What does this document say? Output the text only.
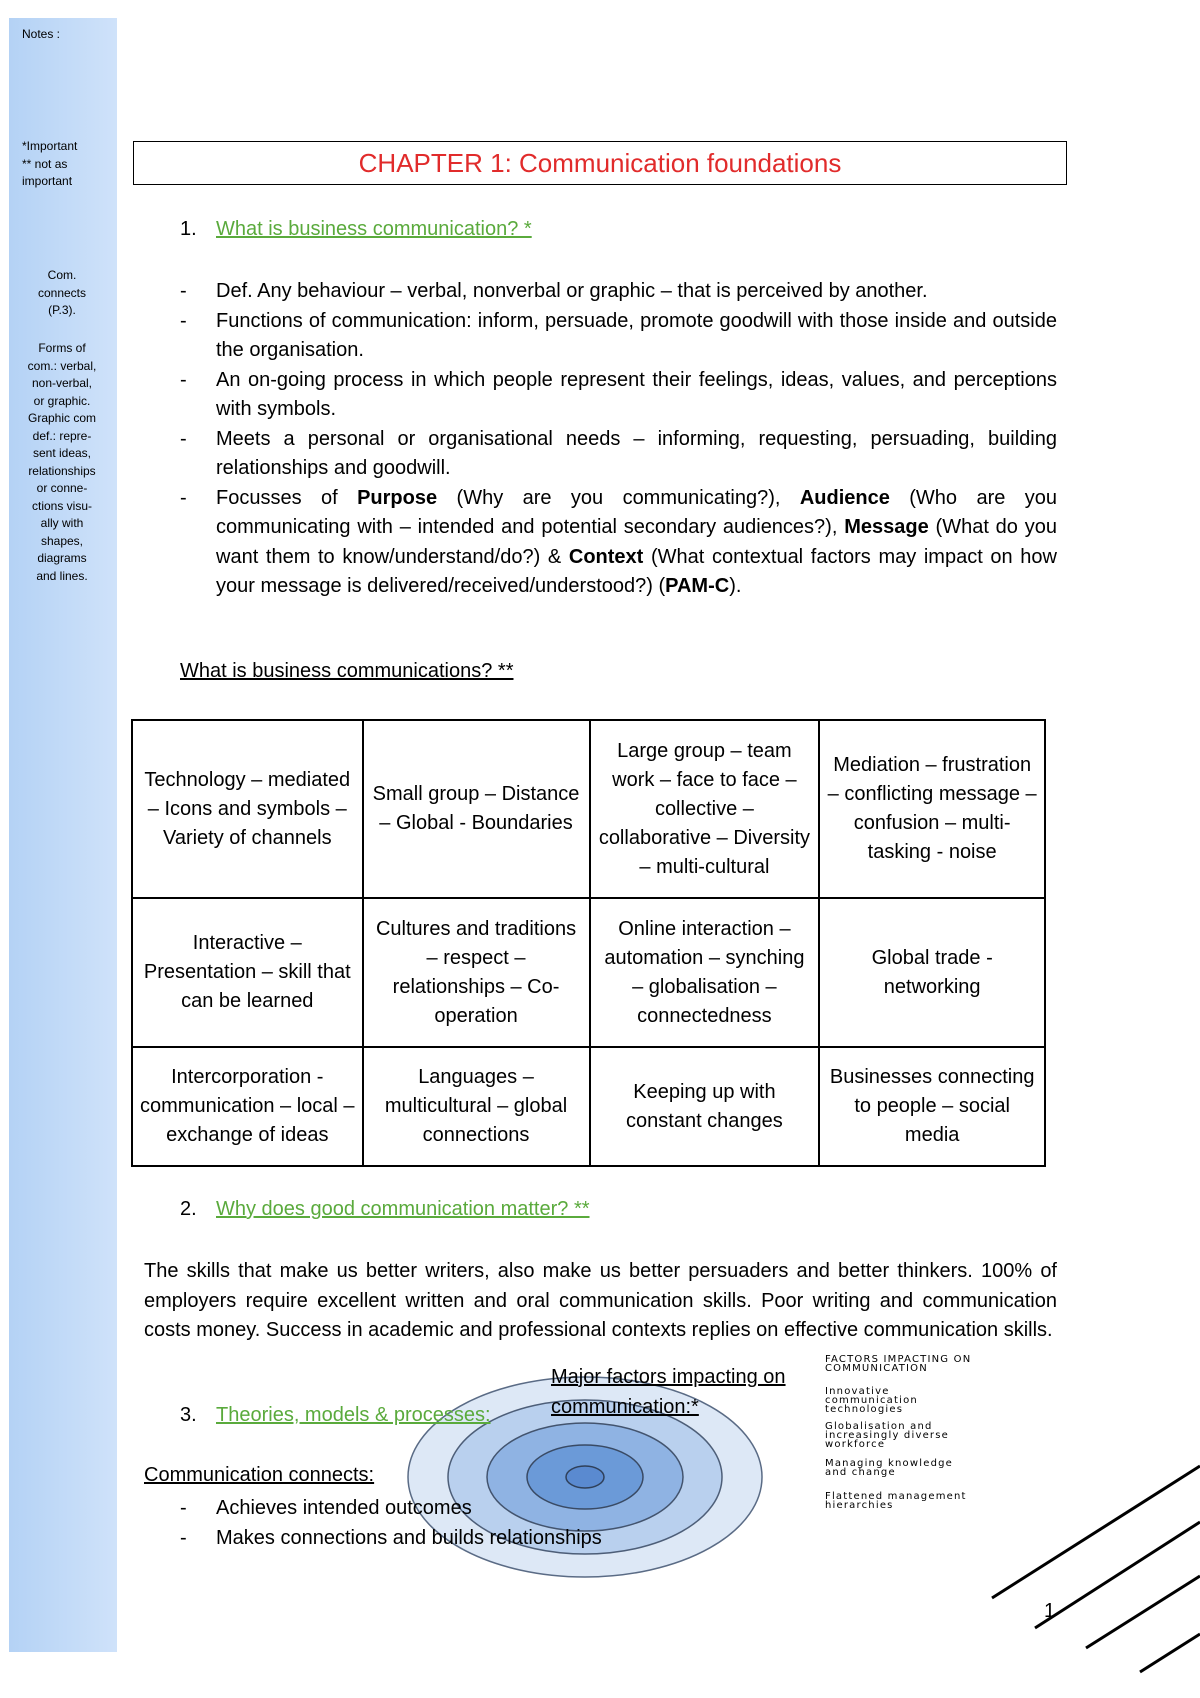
Notes :
*Important
** not as
important
Com.
connects
(P.3).
Forms of
com.: verbal,
non-verbal,
or graphic.
Graphic com
def.: repre-
sent ideas,
relationships
or conne-
ctions visu-
ally with
shapes,
diagrams
and lines.
CHAPTER 1: Communication foundations
1. What is business communication? *
- Def. Any behaviour – verbal, nonverbal or graphic – that is perceived by another.
- Functions of communication: inform, persuade, promote goodwill with those inside and outside the organisation.
- An on-going process in which people represent their feelings, ideas, values, and perceptions with symbols.
- Meets a personal or organisational needs – informing, requesting, persuading, building relationships and goodwill.
- Focusses of Purpose (Why are you communicating?), Audience (Who are you communicating with – intended and potential secondary audiences?), Message (What do you want them to know/understand/do?) & Context (What contextual factors may impact on how your message is delivered/received/understood?) (PAM-C).
What is business communications? **
Technology – mediated – Icons and symbols – Variety of channels	Small group – Distance – Global - Boundaries	Large group – team work – face to face – collective – collaborative – Diversity – multi-cultural	Mediation – frustration – conflicting message – confusion – multi-tasking - noise
Interactive – Presentation – skill that can be learned	Cultures and traditions – respect – relationships – Co-operation	Online interaction – automation – synching – globalisation – connectedness	Global trade - networking
Intercorporation - communication – local – exchange of ideas	Languages – multicultural – global connections	Keeping up with constant changes	Businesses connecting to people – social media
2. Why does good communication matter? **
The skills that make us better writers, also make us better persuaders and better thinkers. 100% of employers require excellent written and oral communication skills. Poor writing and communication costs money. Success in academic and professional contexts replies on effective communication skills.
3. Theories, models & processes:
Major factors impacting on
communication:*
Communication connects:
- Achieves intended outcomes
- Makes connections and builds relationships
FACTORS IMPACTING ON
COMMUNICATION
Innovative
communication
technologies
Globalisation and
increasingly diverse
workforce
Managing knowledge
and change
Flattened management
hierarchies
1
